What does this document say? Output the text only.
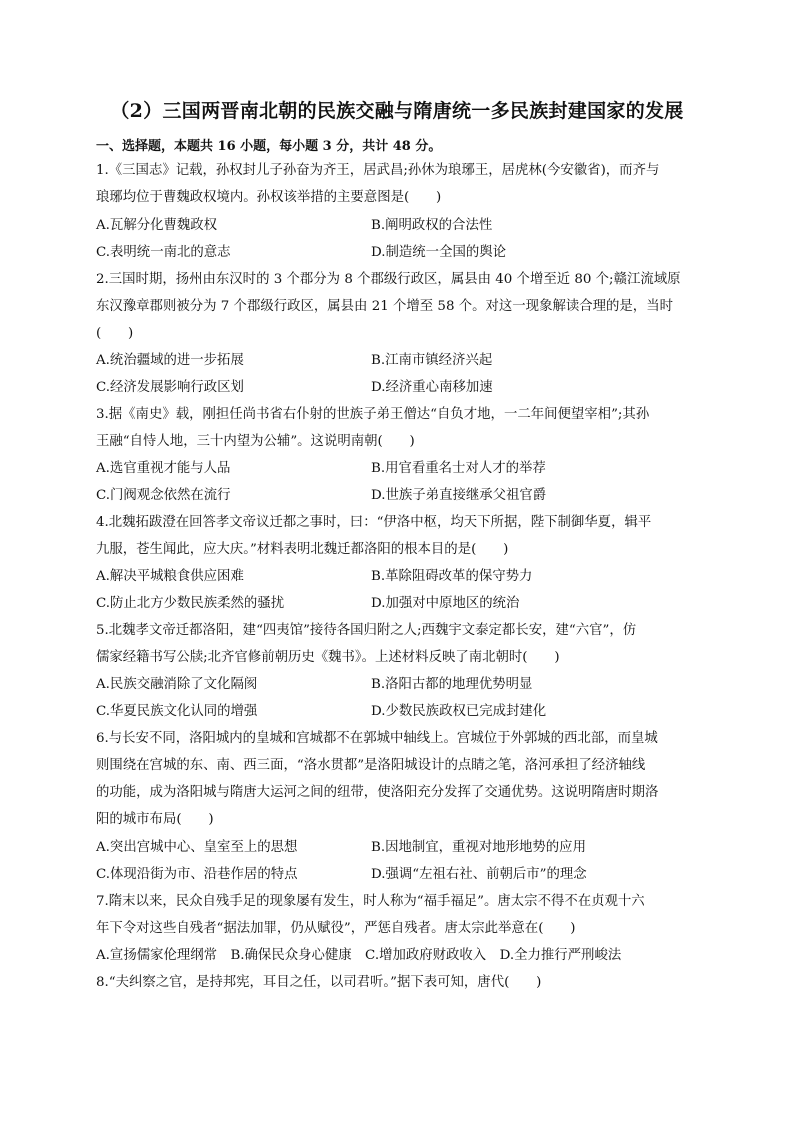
（2）三国两晋南北朝的民族交融与隋唐统一多民族封建国家的发展
一、选择题，本题共 16 小题，每小题 3 分，共计 48 分。
1.《三国志》记载，孙权封儿子孙奋为齐王，居武昌;孙休为琅琊王，居虎林(今安徽省)，而齐与
琅琊均位于曹魏政权境内。孙权该举措的主要意图是(　　)
A.瓦解分化曹魏政权	B.阐明政权的合法性
C.表明统一南北的意志	D.制造统一全国的舆论
2.三国时期，扬州由东汉时的 3 个郡分为 8 个郡级行政区，属县由 40 个增至近 80 个;赣江流域原
东汉豫章郡则被分为 7 个郡级行政区，属县由 21 个增至 58 个。对这一现象解读合理的是，当时
(　　)
A.统治疆域的进一步拓展	B.江南市镇经济兴起
C.经济发展影响行政区划	D.经济重心南移加速
3.据《南史》载，刚担任尚书省右仆射的世族子弟王僧达“自负才地，一二年间便望宰相”;其孙
王融“自恃人地，三十内望为公辅”。这说明南朝(　　)
A.选官重视才能与人品	B.用官看重名士对人才的举荐
C.门阀观念依然在流行	D.世族子弟直接继承父祖官爵
4.北魏拓跋澄在回答孝文帝议迁都之事时，曰：“伊洛中枢，均天下所据，陛下制御华夏，辑平
九服，苍生闻此，应大庆。”材料表明北魏迁都洛阳的根本目的是(　　)
A.解决平城粮食供应困难	B.革除阻碍改革的保守势力
C.防止北方少数民族柔然的骚扰	D.加强对中原地区的统治
5.北魏孝文帝迁都洛阳，建“四夷馆”接待各国归附之人;西魏宇文泰定都长安，建“六官”，仿
儒家经籍书写公牍;北齐官修前朝历史《魏书》。上述材料反映了南北朝时(　　)
A.民族交融消除了文化隔阂	B.洛阳古都的地理优势明显
C.华夏民族文化认同的增强	D.少数民族政权已完成封建化
6.与长安不同，洛阳城内的皇城和宫城都不在郭城中轴线上。宫城位于外郭城的西北部，而皇城
则围绕在宫城的东、南、西三面，“洛水贯都”是洛阳城设计的点睛之笔，洛河承担了经济轴线
的功能，成为洛阳城与隋唐大运河之间的纽带，使洛阳充分发挥了交通优势。这说明隋唐时期洛
阳的城市布局(　　)
A.突出宫城中心、皇室至上的思想	B.因地制宜，重视对地形地势的应用
C.体现沿街为市、沿巷作居的特点	D.强调“左祖右社、前朝后市”的理念
7.隋末以来，民众自残手足的现象屡有发生，时人称为“福手福足”。唐太宗不得不在贞观十六
年下令对这些自残者“据法加罪，仍从赋役”，严惩自残者。唐太宗此举意在(　　)
A.宣扬儒家伦理纲常　B.确保民众身心健康　C.增加政府财政收入　D.全力推行严刑峻法
8.“夫纠察之官，是持邦宪，耳目之任，以司君听。”据下表可知，唐代(　　)
